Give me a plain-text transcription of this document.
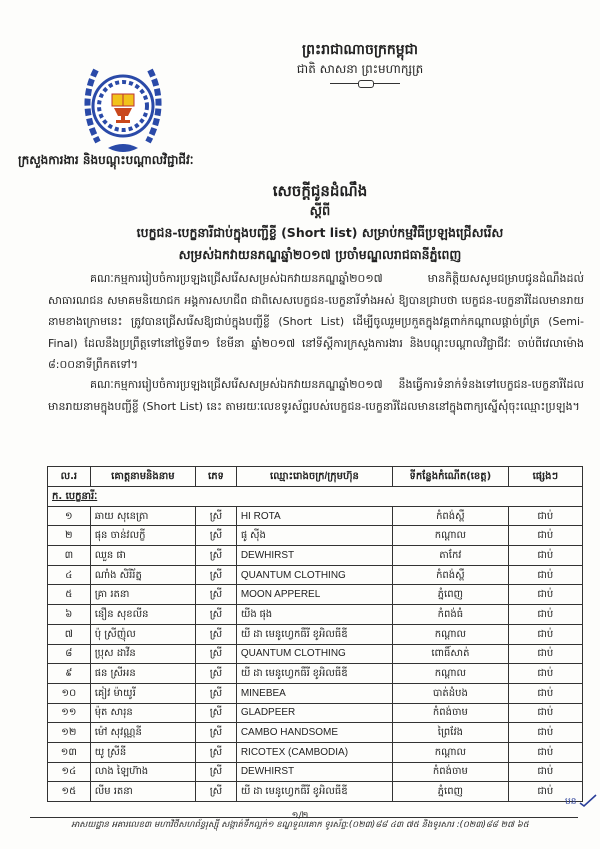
ព្រះរាជាណាចក្រកម្ពុជា
ជាតិ សាសនា ព្រះមហាក្សត្រ
ក្រសួងការងារ និងបណ្តុះបណ្តាលវិជ្ជាជីវៈ
សេចក្តីជូនដំណឹង
ស្តីពី
បេក្ខជន-បេក្ខនារីជាប់ក្នុងបញ្ជីខ្លី (Short list) សម្រាប់កម្មវិធីប្រឡងជ្រើសរើស
សម្រស់ឯកវាយនភណ្ឌឆ្នាំ២០១៧ ប្រចាំមណ្ឌលរាជធានីភ្នំពេញ

គណៈកម្មការរៀបចំការប្រឡងជ្រើសរើសសម្រស់ឯកវាយនភណ្ឌឆ្នាំ២០១៧ មានកិត្តិយសសូមជម្រាបជូនដំណឹងដល់សាធារណជន សមាគមនិយោជក អង្គការសហជីព ជាពិសេសបេក្ខជន-បេក្ខនារីទាំងអស់ ឱ្យបានជ្រាបថា បេក្ខជន-បេក្ខនារីដែលមានរាយនាមខាងក្រោមនេះ ត្រូវបានជ្រើសរើសឱ្យជាប់ក្នុងបញ្ជីខ្លី (Short List) ដើម្បីចូលរួមប្រកួតក្នុងវគ្គពាក់កណ្តាលផ្តាច់ព្រ័ត្រ (Semi-Final) ដែលនឹងប្រព្រឹត្តទៅនៅថ្ងៃទី៣១ ខែមីនា ឆ្នាំ២០១៧ នៅទីស្តីការក្រសួងការងារ និងបណ្តុះបណ្តាលវិជ្ជាជីវៈ ចាប់ពីវេលាម៉ោង ៨:០០នាទីព្រឹកតទៅ។

គណៈកម្មការរៀបចំការប្រឡងជ្រើសរើសសម្រស់ឯកវាយនភណ្ឌឆ្នាំ២០១៧ នឹងធ្វើការទំនាក់ទំនងទៅបេក្ខជន-បេក្ខនារីដែលមានរាយនាមក្នុងបញ្ជីខ្លី (Short List) នេះ តាមរយៈលេខទូរស័ព្ទរបស់បេក្ខជន-បេក្ខនារីដែលមាននៅក្នុងពាក្យស្នើសុំចុះឈ្មោះប្រឡង។

ល.រ	គោត្តនាមនិងនាម	ភេទ	ឈ្មោះរោងចក្រ/ក្រុមហ៊ុន	ទីកន្លែងកំណើត(ខេត្ត)	ផ្សេងៗ
ក. បេក្ខនារីៈ					
១	ឆាយ សុនេត្រា	ស្រី	HI ROTA	កំពង់ស្ពឺ	ជាប់
២	ផុន ចាន់វលក្ខី	ស្រី	ផូ ស៊ីង	កណ្តាល	ជាប់
៣	ឈួន ផា	ស្រី	DEWHIRST	តាកែវ	ជាប់
៤	ណាំង សិរីរ័ត្ន	ស្រី	QUANTUM CLOTHING	កំពង់ស្ពឺ	ជាប់
៥	គ្រា រតនា	ស្រី	MOON APPEREL	ភ្នំពេញ	ជាប់
៦	នឿន សុខលីន	ស្រី	យីង ផុង	កំពង់ធំ	ជាប់
៧	ប៉ុ ស្រីញ៉ុល	ស្រី	យី ដា មេនូហ្វេកធឺរី ខូអិលធីឌី	កណ្តាល	ជាប់
៨	ប្រុស ដាវីន	ស្រី	QUANTUM CLOTHING	ពោធិ៍សាត់	ជាប់
៩	ផន ស្រីអន	ស្រី	យី ដា មេនូហ្វេកធឺរី ខូអិលធីឌី	កណ្តាល	ជាប់
១០	គៀវ ម៉ាយូរី	ស្រី	MINEBEA	បាត់ដំបង	ជាប់
១១	ម៉ុត សារុន	ស្រី	GLADPEER	កំពង់ចាម	ជាប់
១២	ម៉ៅ សុវណ្ណនី	ស្រី	CAMBO HANDSOME	ព្រៃវែង	ជាប់
១៣	យូ ស្រីនី	ស្រី	RICOTEX (CAMBODIA)	កណ្តាល	ជាប់
១៤	លាង ឡៃហ៊ាង	ស្រី	DEWHIRST	កំពង់ចាម	ជាប់
១៥	លីម រតនា	ស្រី	យី ដា មេនូហ្វេកធឺរី ខូអិលធីឌី	ភ្នំពេញ	ជាប់
បន
១/២
អាសយដ្ឋាន អគារលេខ៣ មហាវិថីសហព័ន្ធរុស្ស៊ី សង្កាត់ទឹកល្អក់១ ខណ្ឌទួលគោក ទូរស័ព្ទ:(០២៣)៨៨ ៤៣ ៧៥ និងទូរសារ :(០២៣)៨៨ ២៧ ៦៥
